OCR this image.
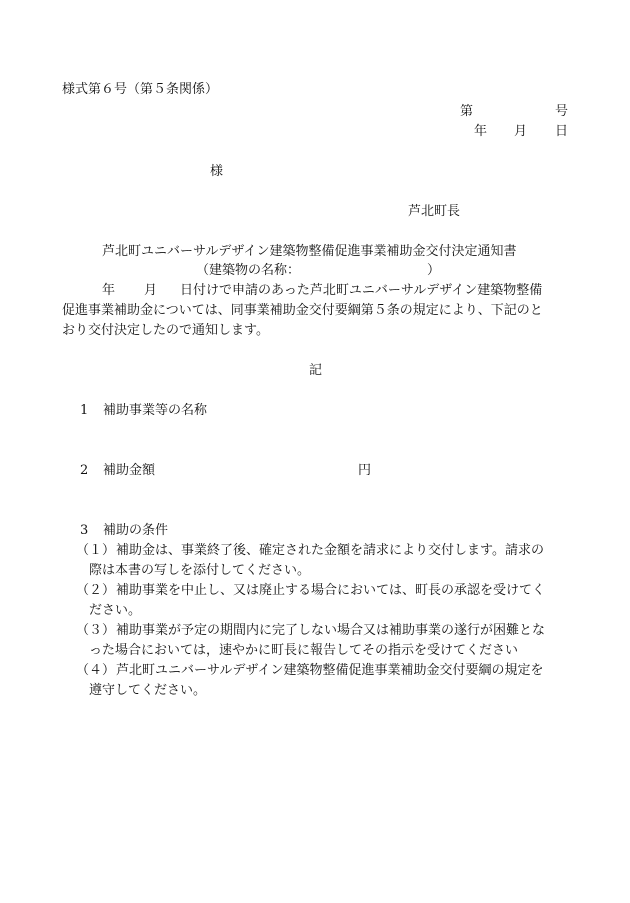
様式第６号（第５条関係）
第	号
年 月 日
様
芦北町長
芦北町ユニバーサルデザイン建築物整備促進事業補助金交付決定通知書
（建築物の名称：	）
年 月 日付けで申請のあった芦北町ユニバーサルデザイン建築物整備
促進事業補助金については、同事業補助金交付要綱第５条の規定により、下記のと
おり交付決定したので通知します。
記
1 補助事業等の名称
2 補助金額	円
3 補助の条件
（１） 補助金は、事業終了後、確定された金額を請求により交付します。請求の
際は本書の写しを添付してください。
（２） 補助事業を中止し、又は廃止する場合においては、町長の承認を受けてく
ださい。
（３） 補助事業が予定の期間内に完了しない場合又は補助事業の遂行が困難とな
った場合においては，速やかに町長に報告してその指示を受けてください
（４） 芦北町ユニバーサルデザイン建築物整備促進事業補助金交付要綱の規定を
遵守してください。
